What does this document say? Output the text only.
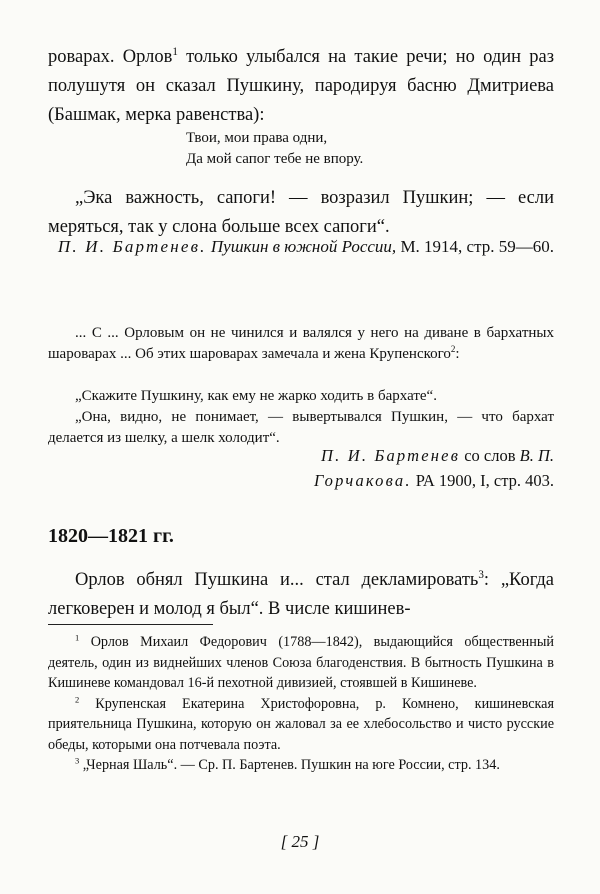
роварах. Орлов$^1$ только улыбался на такие речи; но один раз полушутя он сказал Пушкину, пародируя басню Дмитриева (Башмак, мерка равенства):

Твои, мои права одни,
Да мой сапог тебе не впору.

„Эка важность, сапоги! — возразил Пушкин; — если меряться, так у слона больше всех сапоги“.

П. И. Бартенев. Пушкин в южной России, М. 1914, стр. 59—60.

... С ... Орловым он не чинился и валялся у него на диване в бархатных шароварах ... Об этих шароварах замечала и жена Крупенского$^2$:

„Скажите Пушкину, как ему не жарко ходить в бархате“.

„Она, видно, не понимает, — вывертывался Пушкин, — что бархат делается из шелку, а шелк холодит“.

П. И. Бартенев со слов В. П.
Горчакова. РА 1900, I, стр. 403.

1820—1821 гг.

Орлов обнял Пушкина и... стал декламировать$^3$: „Когда легковерен и молод я был“. В числе кишинев-

$^1$ Орлов Михаил Федорович (1788—1842), выдающийся общественный деятель, один из виднейших членов Союза благоденствия. В бытность Пушкина в Кишиневе командовал 16-й пехотной дивизией, стоявшей в Кишиневе.

$^2$ Крупенская Екатерина Христофоровна, р. Комнено, кишиневская приятельница Пушкина, которую он жаловал за ее хлебосольство и чисто русские обеды, которыми она потчевала поэта.

$^3$ „Черная Шаль“. — Ср. П. Бартенев. Пушкин на юге России, стр. 134.

[ 25 ]
